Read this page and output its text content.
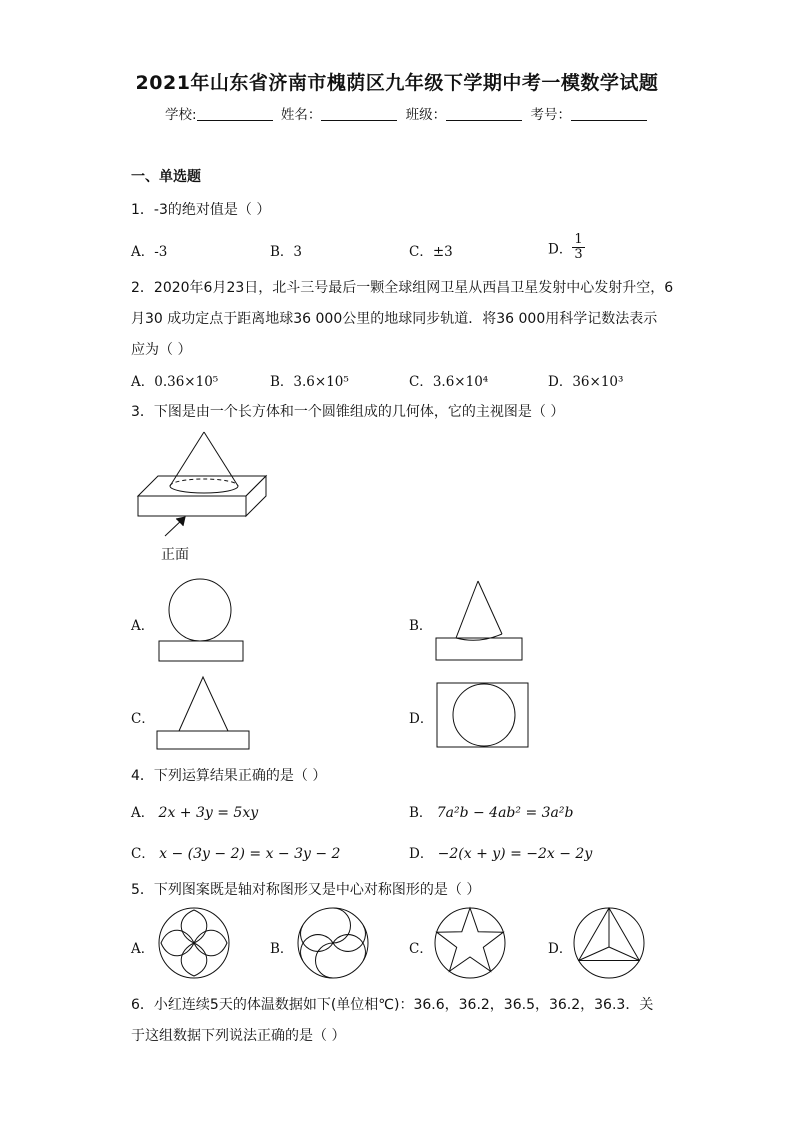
2021年山东省济南市槐荫区九年级下学期中考一模数学试题
学校:	姓名：	班级：	考号：
一、单选题
1．-3的绝对值是（ ）
A．-3	B．3	C．±3	D． $\frac{1}{3}$
2．2020年6月23日，北斗三号最后一颗全球组网卫星从西昌卫星发射中心发射升空，6
月30 成功定点于距离地球36 000公里的地球同步轨道．将36 000用科学记数法表示
应为（ ）
A．0.36×10⁵	B．3.6×10⁵	C．3.6×10⁴	D．36×10³
3．下图是由一个长方体和一个圆锥组成的几何体，它的主视图是（ ）
正面
A．	B．
C．	D．
4．下列运算结果正确的是（ ）
A． 2x + 3y = 5xy	B． 7a²b − 4ab² = 3a²b
C． x − (3y − 2) = x − 3y − 2	D． −2(x + y) = −2x − 2y
5．下列图案既是轴对称图形又是中心对称图形的是（ ）
A．	B．	C．	D．
6．小红连续5天的体温数据如下(单位相℃)：36.6，36.2，36.5，36.2，36.3．关
于这组数据下列说法正确的是（ ）
